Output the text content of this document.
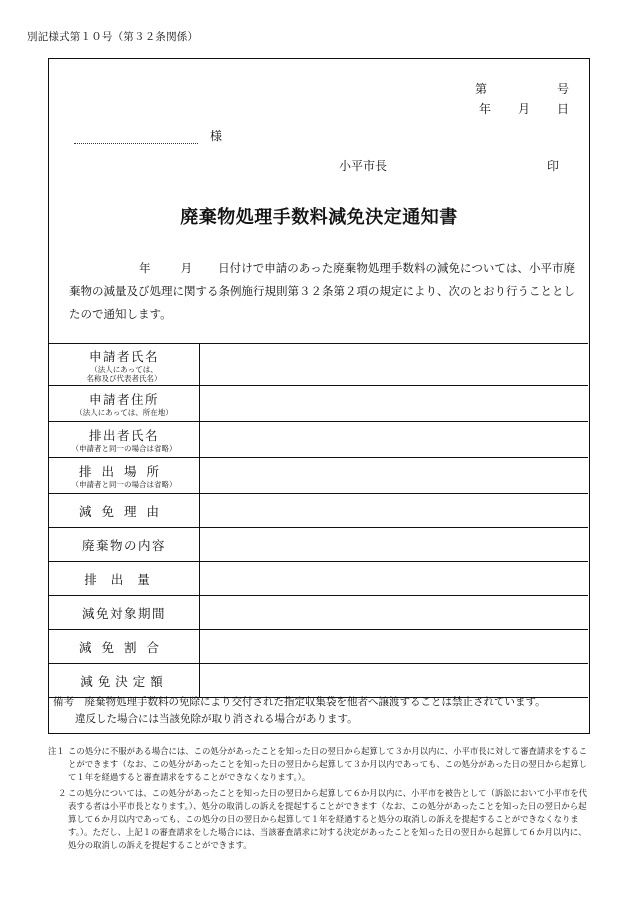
別記様式第１０号（第３２条関係）
第	号
年	月	日
様
小平市長	印
廃棄物処理手数料減免決定通知書
年	月 日付けで申請のあった廃棄物処理手数料の減免については、小平市廃棄物の減量及び処理に関する条例施行規則第３２条第２項の規定により、次のとおり行うこととしたので通知します。
申請者氏名
（法人にあっては、
名称及び代表者氏名）
申請者住所
（法人にあっては、所在地）
排出者氏名
（申請者と同一の場合は省略）
排出場所
（申請者と同一の場合は省略）
減免理由
廃棄物の内容
排出量
減免対象期間
減免割合
減免決定額
備考　廃棄物処理手数料の免除により交付された指定収集袋を他者へ譲渡することは禁止されています。
違反した場合には当該免除が取り消される場合があります。
注１ この処分に不服がある場合には、この処分があったことを知った日の翌日から起算して３か月以内に、小平市長に対して審査請求をすることができます（なお、この処分があったことを知った日の翌日から起算して３か月以内であっても、この処分があった日の翌日から起算して１年を経過すると審査請求をすることができなくなります。）。
２ この処分については、この処分があったことを知った日の翌日から起算して６か月以内に、小平市を被告として（訴訟において小平市を代表する者は小平市長となります。）、処分の取消しの訴えを提起することができます（なお、この処分があったことを知った日の翌日から起算して６か月以内であっても、この処分の日の翌日から起算して１年を経過すると処分の取消しの訴えを提起することができなくなります。）。ただし、上記１の審査請求をした場合には、当該審査請求に対する決定があったことを知った日の翌日から起算して６か月以内に、処分の取消しの訴えを提起することができます。
